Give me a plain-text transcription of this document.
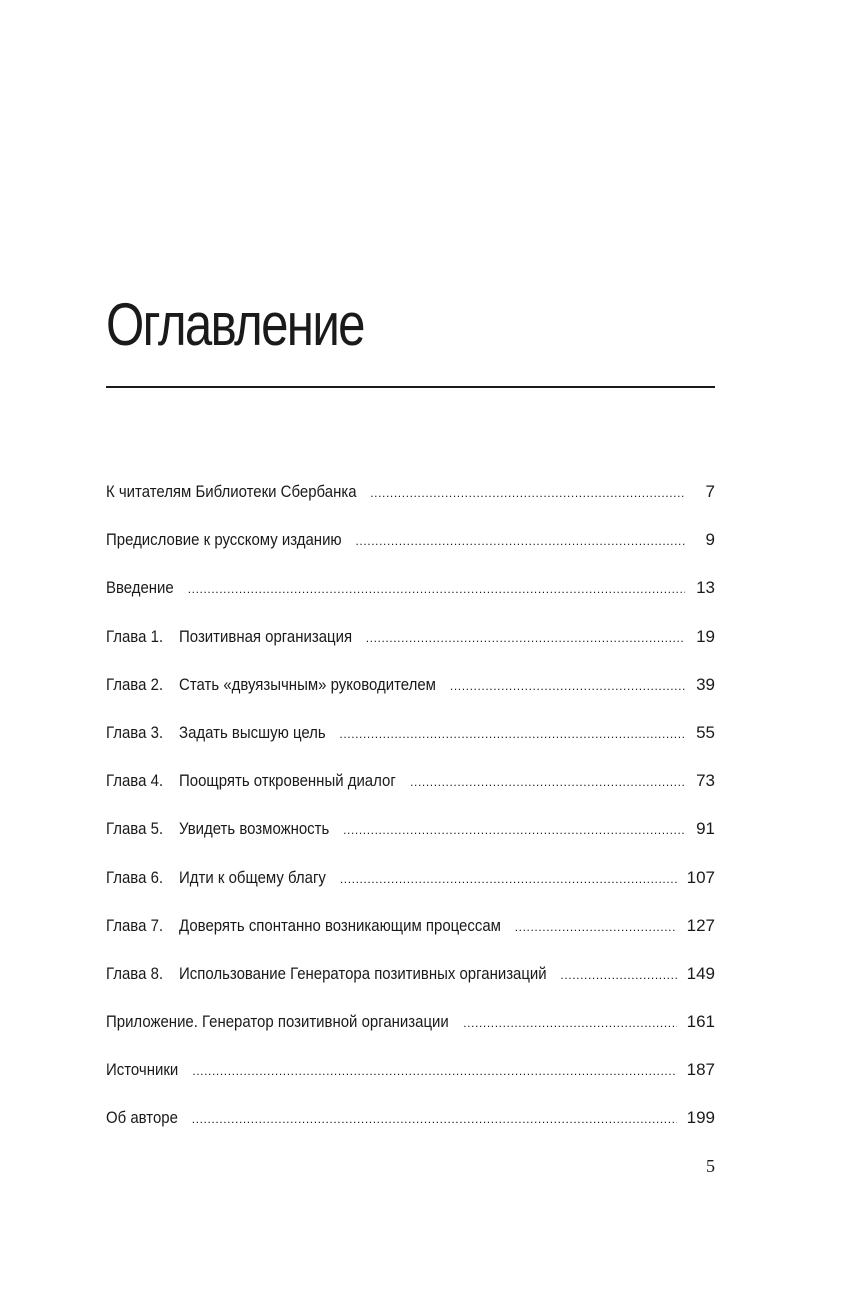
Оглавление
К читателям Библиотеки Сбербанка .....	7
Предисловие к русскому изданию .....	9
Введение .....	13
Глава 1. Позитивная организация .....	19
Глава 2. Стать «двуязычным» руководителем .....	39
Глава 3. Задать высшую цель .....	55
Глава 4. Поощрять откровенный диалог .....	73
Глава 5. Увидеть возможность .....	91
Глава 6. Идти к общему благу .....	107
Глава 7. Доверять спонтанно возникающим процессам .....	127
Глава 8. Использование Генератора позитивных организаций .....	149
Приложение. Генератор позитивной организации .....	161
Источники .....	187
Об авторе .....	199
5
